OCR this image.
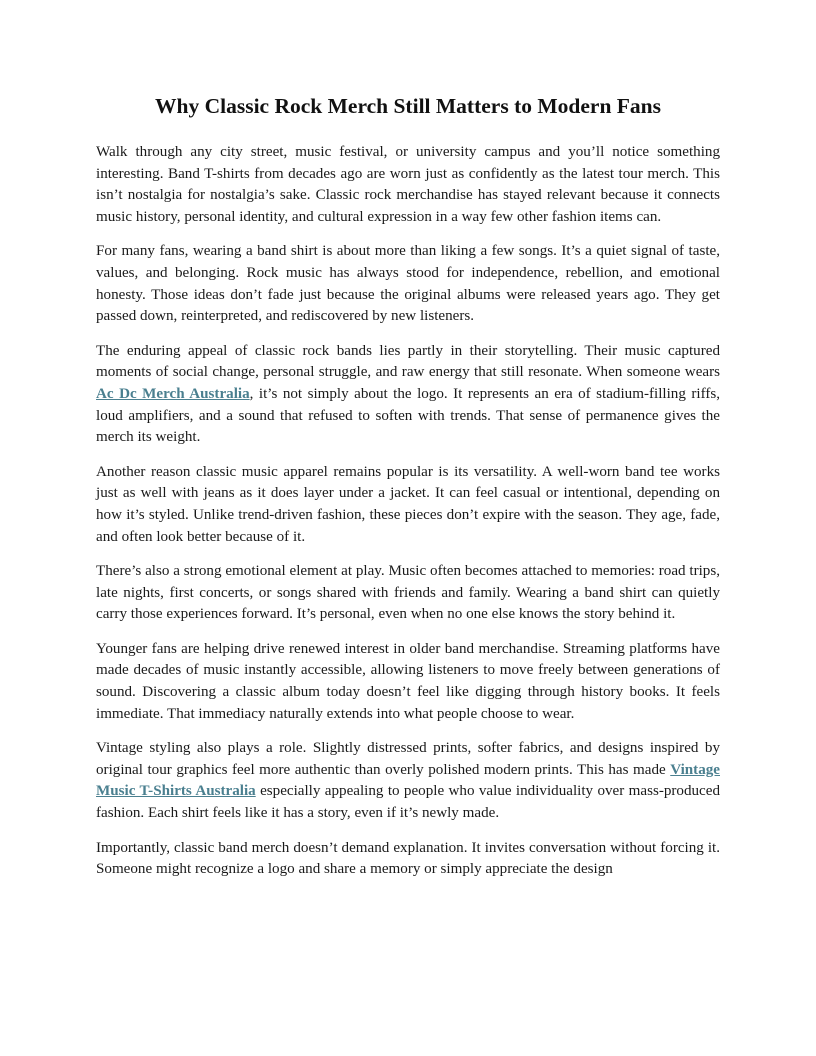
Why Classic Rock Merch Still Matters to Modern Fans

Walk through any city street, music festival, or university campus and you’ll notice something interesting. Band T-shirts from decades ago are worn just as confidently as the latest tour merch. This isn’t nostalgia for nostalgia’s sake. Classic rock merchandise has stayed relevant because it connects music history, personal identity, and cultural expression in a way few other fashion items can.

For many fans, wearing a band shirt is about more than liking a few songs. It’s a quiet signal of taste, values, and belonging. Rock music has always stood for independence, rebellion, and emotional honesty. Those ideas don’t fade just because the original albums were released years ago. They get passed down, reinterpreted, and rediscovered by new listeners.

The enduring appeal of classic rock bands lies partly in their storytelling. Their music captured moments of social change, personal struggle, and raw energy that still resonate. When someone wears Ac Dc Merch Australia, it’s not simply about the logo. It represents an era of stadium-filling riffs, loud amplifiers, and a sound that refused to soften with trends. That sense of permanence gives the merch its weight.

Another reason classic music apparel remains popular is its versatility. A well-worn band tee works just as well with jeans as it does layer under a jacket. It can feel casual or intentional, depending on how it’s styled. Unlike trend-driven fashion, these pieces don’t expire with the season. They age, fade, and often look better because of it.

There’s also a strong emotional element at play. Music often becomes attached to memories: road trips, late nights, first concerts, or songs shared with friends and family. Wearing a band shirt can quietly carry those experiences forward. It’s personal, even when no one else knows the story behind it.

Younger fans are helping drive renewed interest in older band merchandise. Streaming platforms have made decades of music instantly accessible, allowing listeners to move freely between generations of sound. Discovering a classic album today doesn’t feel like digging through history books. It feels immediate. That immediacy naturally extends into what people choose to wear.

Vintage styling also plays a role. Slightly distressed prints, softer fabrics, and designs inspired by original tour graphics feel more authentic than overly polished modern prints. This has made Vintage Music T-Shirts Australia especially appealing to people who value individuality over mass-produced fashion. Each shirt feels like it has a story, even if it’s newly made.

Importantly, classic band merch doesn’t demand explanation. It invites conversation without forcing it. Someone might recognize a logo and share a memory or simply appreciate the design
